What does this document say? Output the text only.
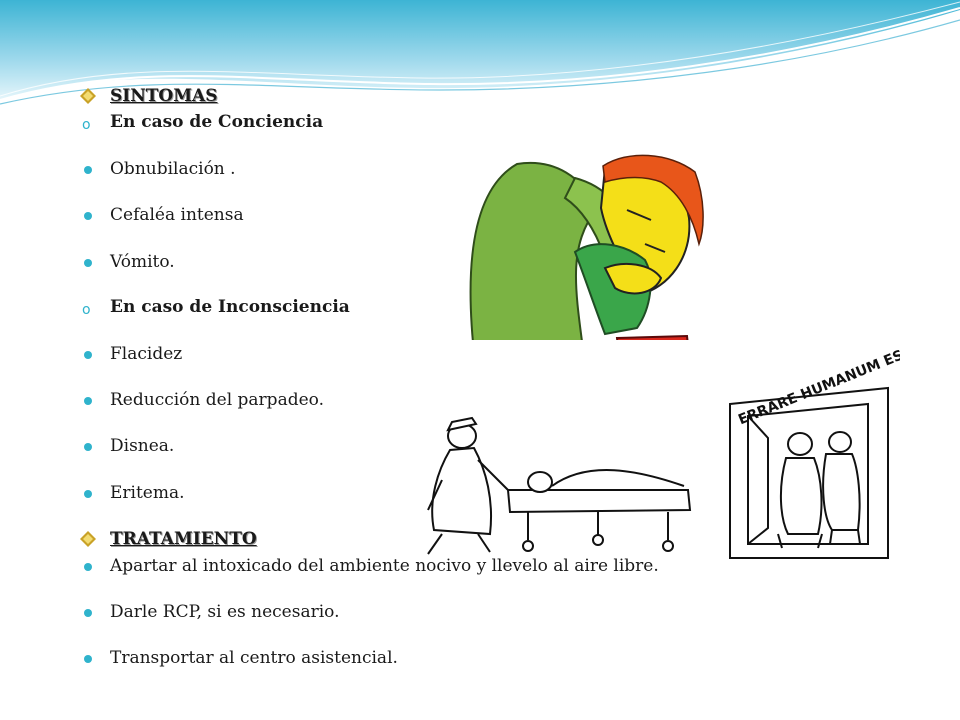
ERRARE HUMANUM EST
SINTOMAS
o En caso de Conciencia
Obnubilación .
Cefaléa intensa
Vómito.
o En caso de Inconsciencia
Flacidez
Reducción del parpadeo.
Disnea.
Eritema.
TRATAMIENTO
Apartar al intoxicado del ambiente nocivo y llevelo al aire libre.
Darle RCP, si es necesario.
Transportar al centro asistencial.
